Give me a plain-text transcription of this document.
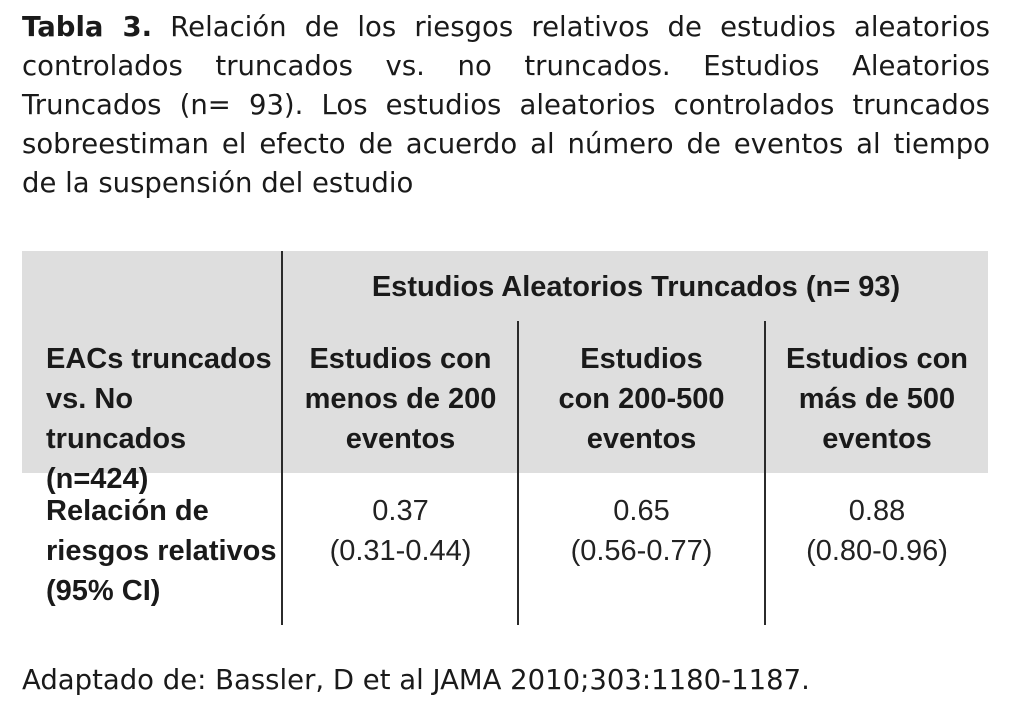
Tabla 3. Relación de los riesgos relativos de estudios aleatorios controlados truncados vs. no truncados. Estudios Aleatorios Truncados (n= 93). Los estudios aleatorios controlados truncados sobreestiman el efecto de acuerdo al número de eventos al tiempo de la suspensión del estudio
Estudios Aleatorios Truncados (n= 93)
EACs truncados
vs. No truncados
(n=424)
Estudios con
menos de 200
eventos
Estudios
con 200-500
eventos
Estudios con
más de 500
eventos
Relación de
riesgos relativos
(95% CI)
0.37
(0.31-0.44)
0.65
(0.56-0.77)
0.88
(0.80-0.96)
Adaptado de: Bassler, D et al JAMA 2010;303:1180-1187.
